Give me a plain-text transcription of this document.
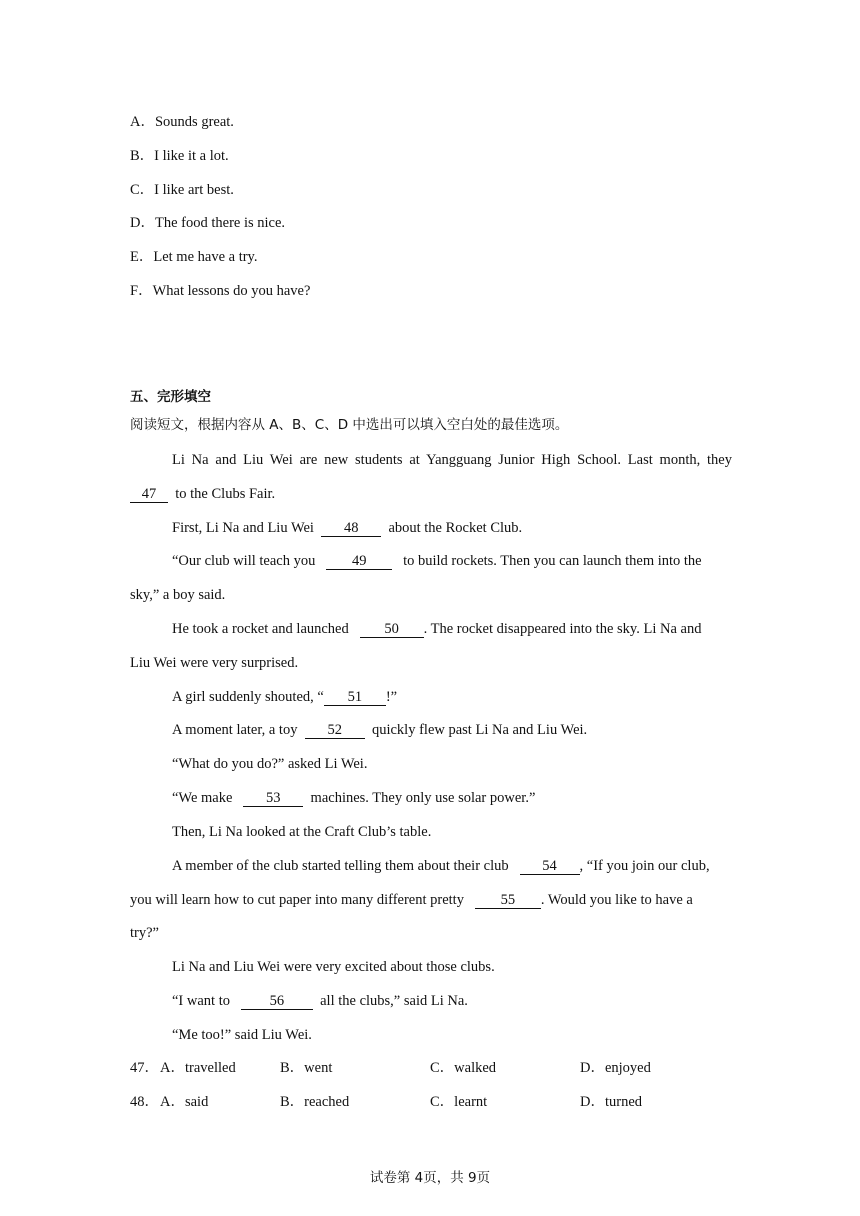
A．Sounds great.
B．I like it a lot.
C．I like art best.
D．The food there is nice.
E．Let me have a try.
F．What lessons do you have?
五、完形填空
阅读短文，根据内容从 A、B、C、D 中选出可以填入空白处的最佳选项。
Li Na and Liu Wei are new students at Yangguang Junior High School. Last month, they
47 to the Clubs Fair.
First, Li Na and Liu Wei 48 about the Rocket Club.
“Our club will teach you	49	to build rockets. Then you can launch them into the
sky,” a boy said.
He took a rocket and launched 50 . The rocket disappeared into the sky. Li Na and
Liu Wei were very surprised.
A girl suddenly shouted, “ 51 !”
A moment later, a toy 52 quickly flew past Li Na and Liu Wei.
“What do you do?” asked Li Wei.
“We make 53 machines. They only use solar power.”
Then, Li Na looked at the Craft Club’s table.
A member of the club started telling them about their club 54 , “If you join our club,
you will learn how to cut paper into many different pretty	55 . Would you like to have a
try?”
Li Na and Liu Wei were very excited about those clubs.
“I want to	56 all the clubs,” said Li Na.
“Me too!” said Liu Wei.
47． A．travelled	B．went	C．walked	D．enjoyed
48． A．said	B．reached	C．learnt	D．turned
试卷第 4页，共 9页
